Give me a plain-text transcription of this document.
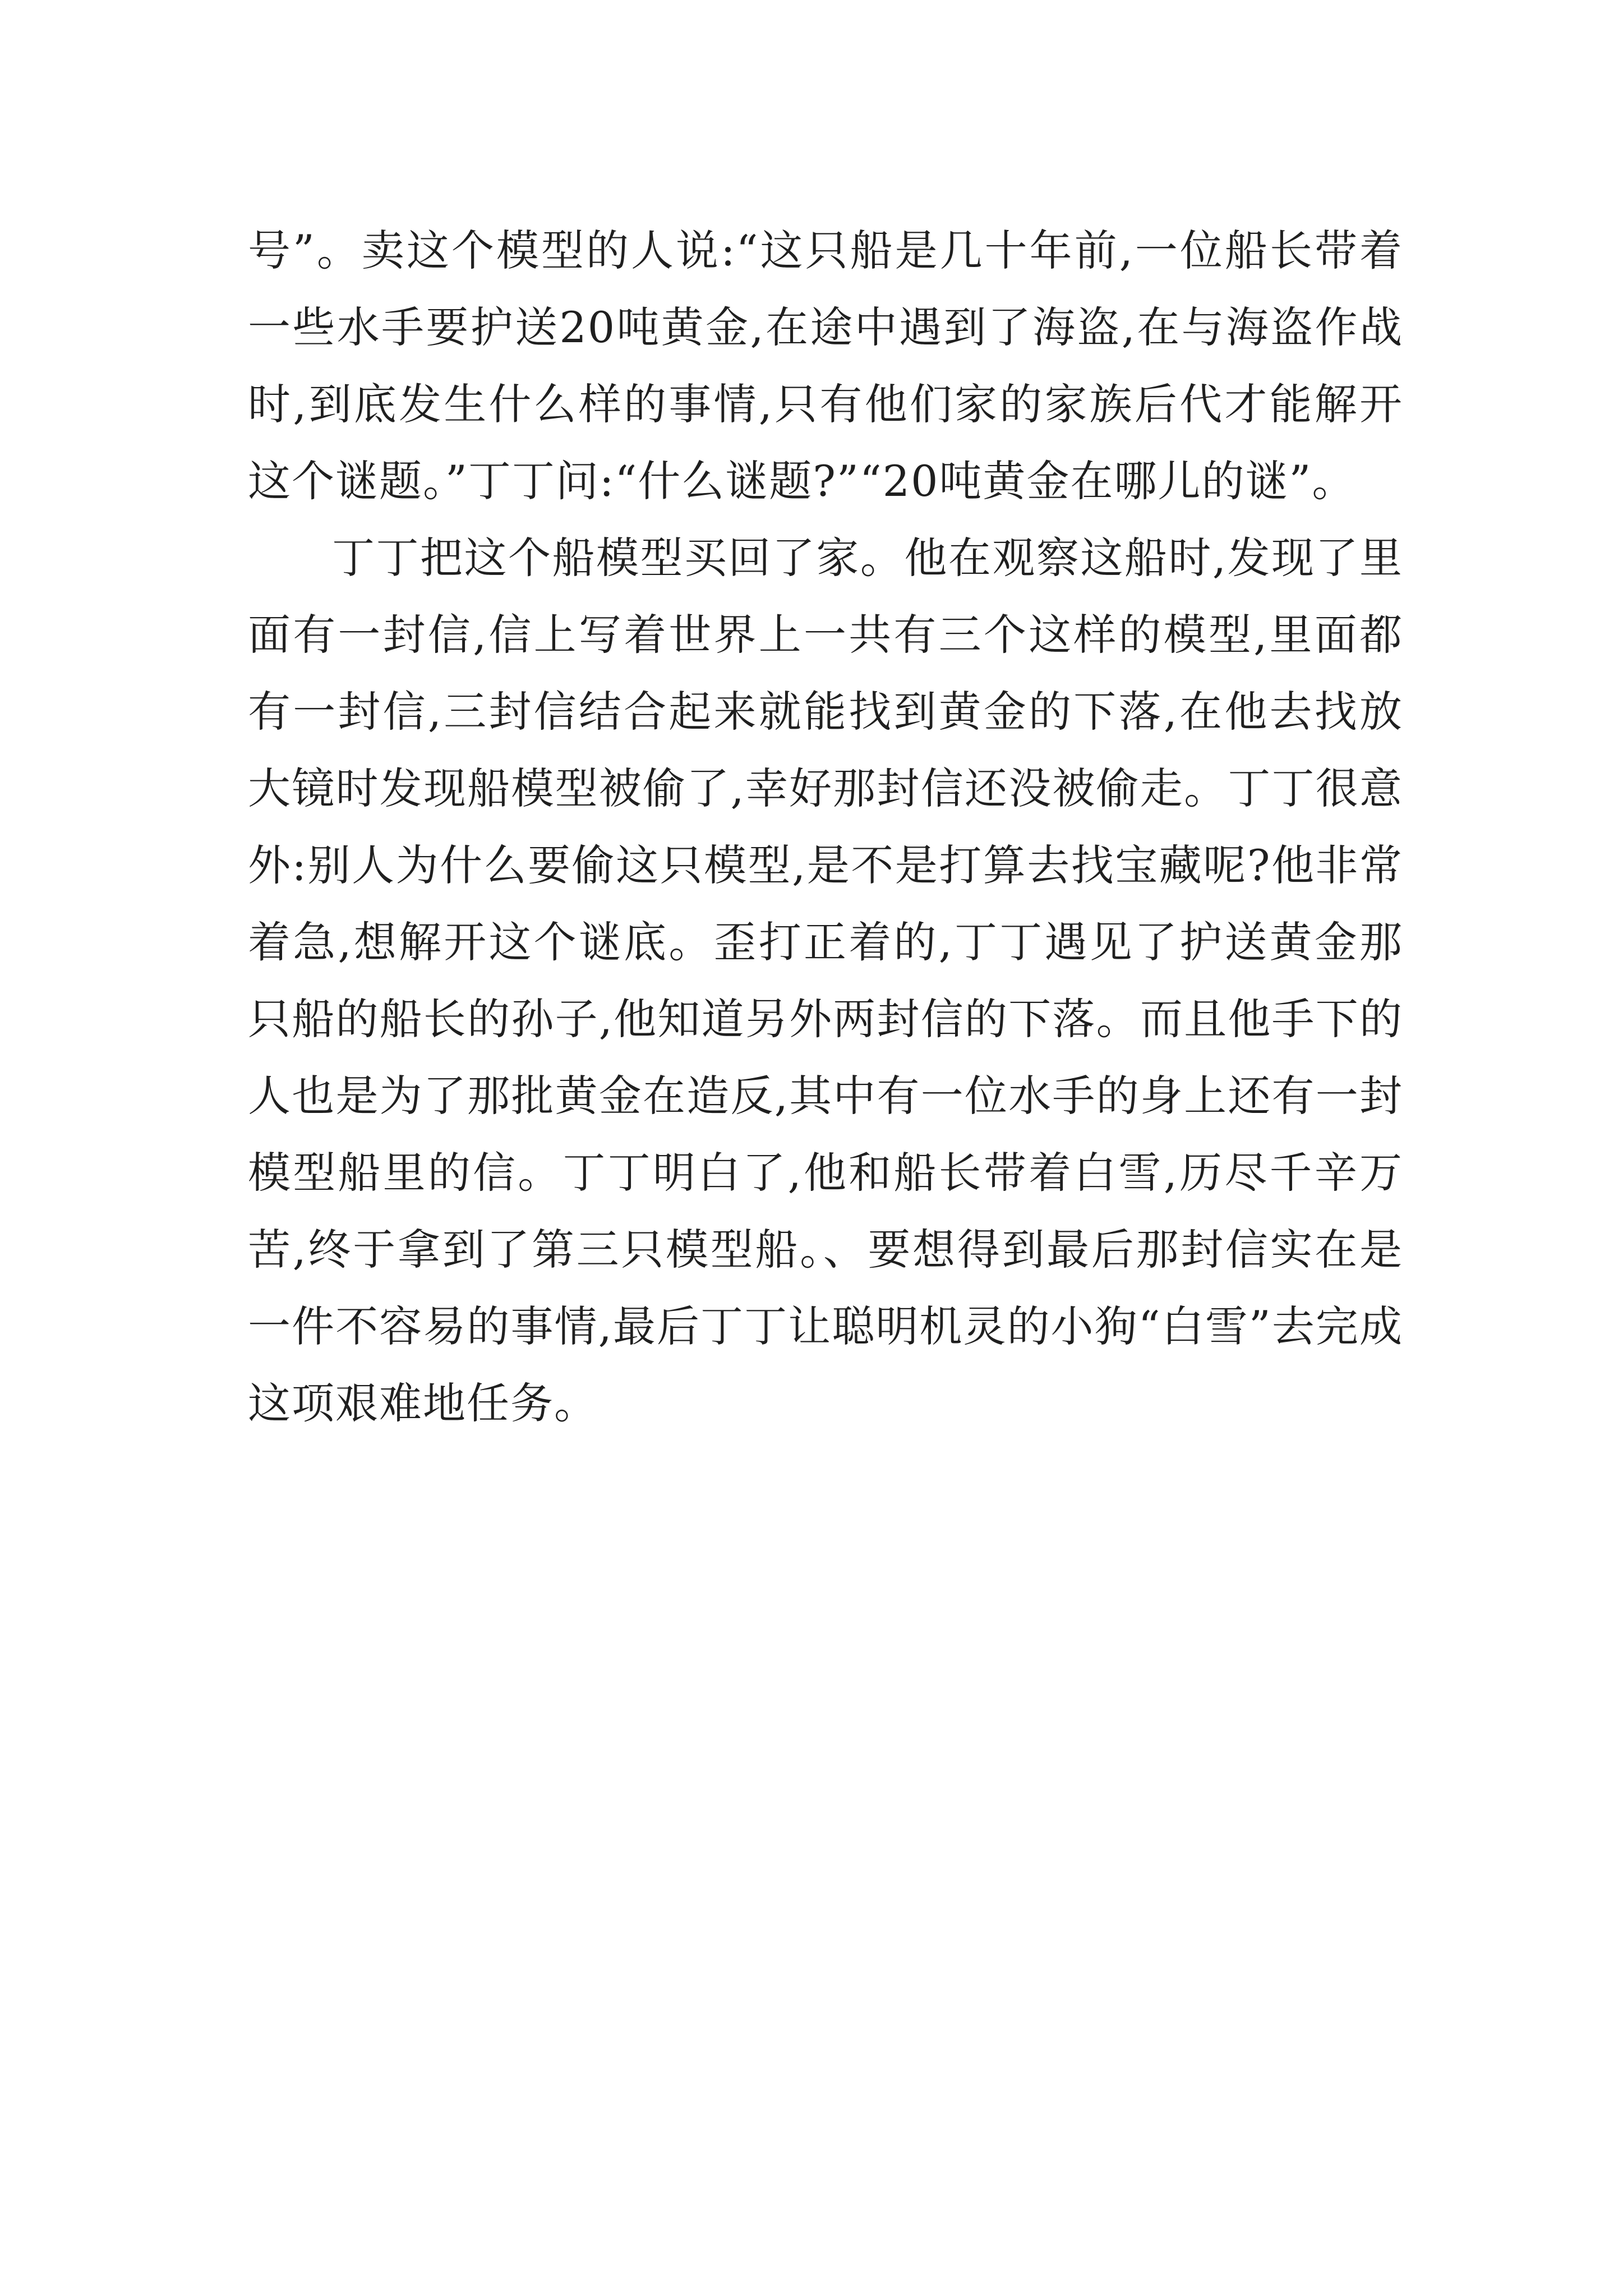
号”。卖这个模型的人说:“这只船是几十年前,一位船长带着一些水手要护送20吨黄金,在途中遇到了海盗,在与海盗作战时,到底发生什么样的事情,只有他们家的家族后代才能解开这个谜题。”丁丁问:“什么谜题?”“20吨黄金在哪儿的谜”。

丁丁把这个船模型买回了家。他在观察这船时,发现了里面有一封信,信上写着世界上一共有三个这样的模型,里面都有一封信,三封信结合起来就能找到黄金的下落,在他去找放大镜时发现船模型被偷了,幸好那封信还没被偷走。丁丁很意外:别人为什么要偷这只模型,是不是打算去找宝藏呢?他非常着急,想解开这个谜底。歪打正着的,丁丁遇见了护送黄金那只船的船长的孙子,他知道另外两封信的下落。而且他手下的人也是为了那批黄金在造反,其中有一位水手的身上还有一封模型船里的信。丁丁明白了,他和船长带着白雪,历尽千辛万苦,终于拿到了第三只模型船。、要想得到最后那封信实在是一件不容易的事情,最后丁丁让聪明机灵的小狗“白雪”去完成这项艰难地任务。
